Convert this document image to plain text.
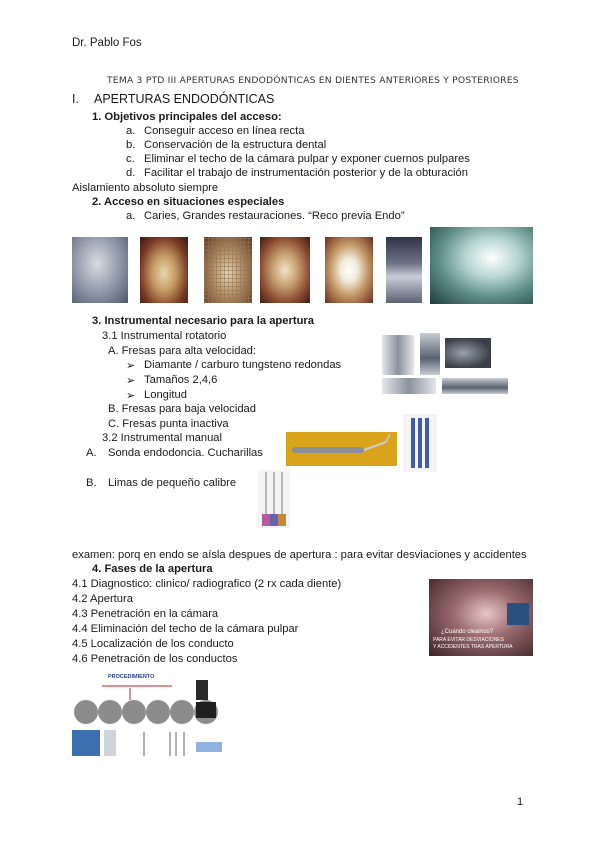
Dr. Pablo Fos
TEMA 3 PTD III APERTURAS ENDODÓNTICAS EN DIENTES ANTERIORES Y POSTERIORES
I. APERTURAS ENDODÓNTICAS
1. Objetivos principales del acceso:
a. Conseguir acceso en línea recta
b. Conservación de la estructura dental
c. Eliminar el techo de la cámara pulpar y exponer cuernos pulpares
d. Facilitar el trabajo de instrumentación posterior y de la obturación
Aislamiento absoluto siempre
2. Acceso en situaciones especiales
a. Caries, Grandes restauraciones. “Reco previa Endo”
3. Instrumental necesario para la apertura
3.1 Instrumental rotatorio
A. Fresas para alta velocidad:
➢ Diamante / carburo tungsteno redondas
➢ Tamaños 2,4,6
➢ Longitud
B. Fresas para baja velocidad
C. Fresas punta inactiva
3.2 Instrumental manual
A. Sonda endodoncia. Cucharillas
B. Limas de pequeño calibre
examen: porq en endo se aísla despues de apertura : para evitar desviaciones y accidentes
4. Fases de la apertura
4.1 Diagnostico: clinico/ radiografico (2 rx cada diente)
4.2 Apertura
4.3 Penetración en la cámara
4.4 Eliminación del techo de la cámara pulpar
4.5 Localización de los conducto
4.6 Penetración de los conductos
¿Cuándo cleamos?
PARA EVITAR DESVIACIONES
Y ACCIDENTES TRAS APERTURA
PROCEDIMIENTO
1
